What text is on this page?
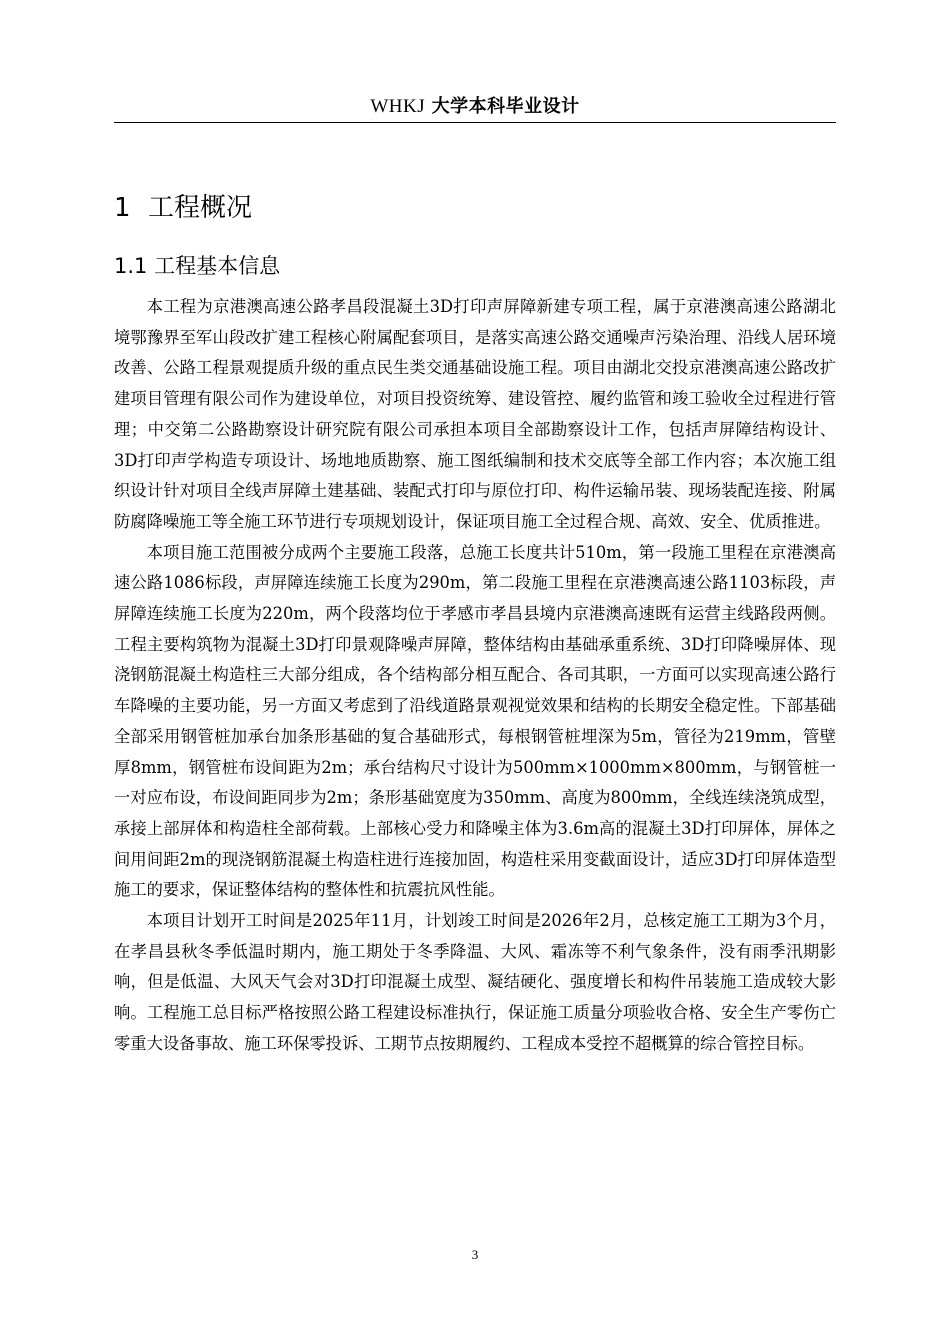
WHKJ 大学本科毕业设计
1 工程概况
1.1 工程基本信息

本工程为京港澳高速公路孝昌段混凝土3D打印声屏障新建专项工程，属于京港澳高速公路湖北境鄂豫界至军山段改扩建工程核心附属配套项目，是落实高速公路交通噪声污染治理、沿线人居环境改善、公路工程景观提质升级的重点民生类交通基础设施工程。项目由湖北交投京港澳高速公路改扩建项目管理有限公司作为建设单位，对项目投资统筹、建设管控、履约监管和竣工验收全过程进行管理；中交第二公路勘察设计研究院有限公司承担本项目全部勘察设计工作，包括声屏障结构设计、3D打印声学构造专项设计、场地地质勘察、施工图纸编制和技术交底等全部工作内容；本次施工组织设计针对项目全线声屏障土建基础、装配式打印与原位打印、构件运输吊装、现场装配连接、附属防腐降噪施工等全施工环节进行专项规划设计，保证项目施工全过程合规、高效、安全、优质推进。

本项目施工范围被分成两个主要施工段落，总施工长度共计510m，第一段施工里程在京港澳高速公路1086标段，声屏障连续施工长度为290m，第二段施工里程在京港澳高速公路1103标段，声屏障连续施工长度为220m，两个段落均位于孝感市孝昌县境内京港澳高速既有运营主线路段两侧。工程主要构筑物为混凝土3D打印景观降噪声屏障，整体结构由基础承重系统、3D打印降噪屏体、现浇钢筋混凝土构造柱三大部分组成，各个结构部分相互配合、各司其职，一方面可以实现高速公路行车降噪的主要功能，另一方面又考虑到了沿线道路景观视觉效果和结构的长期安全稳定性。下部基础全部采用钢管桩加承台加条形基础的复合基础形式，每根钢管桩埋深为5m，管径为219mm，管壁厚8mm，钢管桩布设间距为2m；承台结构尺寸设计为500mm×1000mm×800mm，与钢管桩一一对应布设，布设间距同步为2m；条形基础宽度为350mm、高度为800mm，全线连续浇筑成型，承接上部屏体和构造柱全部荷载。上部核心受力和降噪主体为3.6m高的混凝土3D打印屏体，屏体之间用间距2m的现浇钢筋混凝土构造柱进行连接加固，构造柱采用变截面设计，适应3D打印屏体造型施工的要求，保证整体结构的整体性和抗震抗风性能。

本项目计划开工时间是2025年11月，计划竣工时间是2026年2月，总核定施工工期为3个月，在孝昌县秋冬季低温时期内，施工期处于冬季降温、大风、霜冻等不利气象条件，没有雨季汛期影响，但是低温、大风天气会对3D打印混凝土成型、凝结硬化、强度增长和构件吊装施工造成较大影响。工程施工总目标严格按照公路工程建设标准执行，保证施工质量分项验收合格、安全生产零伤亡零重大设备事故、施工环保零投诉、工期节点按期履约、工程成本受控不超概算的综合管控目标。

3
